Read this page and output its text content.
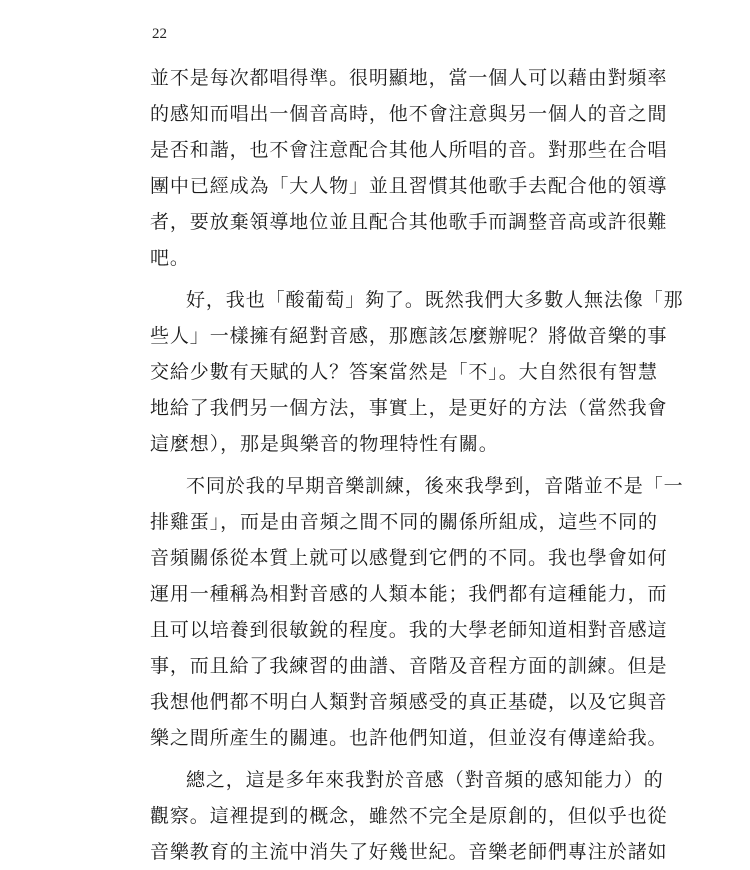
22
並不是每次都唱得準。很明顯地，當一個人可以藉由對頻率
的感知而唱出一個音高時，他不會注意與另一個人的音之間
是否和諧，也不會注意配合其他人所唱的音。對那些在合唱
團中已經成為「大人物」並且習慣其他歌手去配合他的領導
者，要放棄領導地位並且配合其他歌手而調整音高或許很難
吧。
好，我也「酸葡萄」夠了。既然我們大多數人無法像「那
些人」一樣擁有絕對音感，那應該怎麼辦呢？將做音樂的事
交給少數有天賦的人？答案當然是「不」。大自然很有智慧
地給了我們另一個方法，事實上，是更好的方法（當然我會
這麼想），那是與樂音的物理特性有關。
不同於我的早期音樂訓練，後來我學到，音階並不是「一
排雞蛋」，而是由音頻之間不同的關係所組成，這些不同的
音頻關係從本質上就可以感覺到它們的不同。我也學會如何
運用一種稱為相對音感的人類本能；我們都有這種能力，而
且可以培養到很敏銳的程度。我的大學老師知道相對音感這
事，而且給了我練習的曲譜、音階及音程方面的訓練。但是
我想他們都不明白人類對音頻感受的真正基礎，以及它與音
樂之間所產生的關連。也許他們知道，但並沒有傳達給我。
總之，這是多年來我對於音感（對音頻的感知能力）的
觀察。這裡提到的概念，雖然不完全是原創的，但似乎也從
音樂教育的主流中消失了好幾世紀。音樂老師們專注於諸如
